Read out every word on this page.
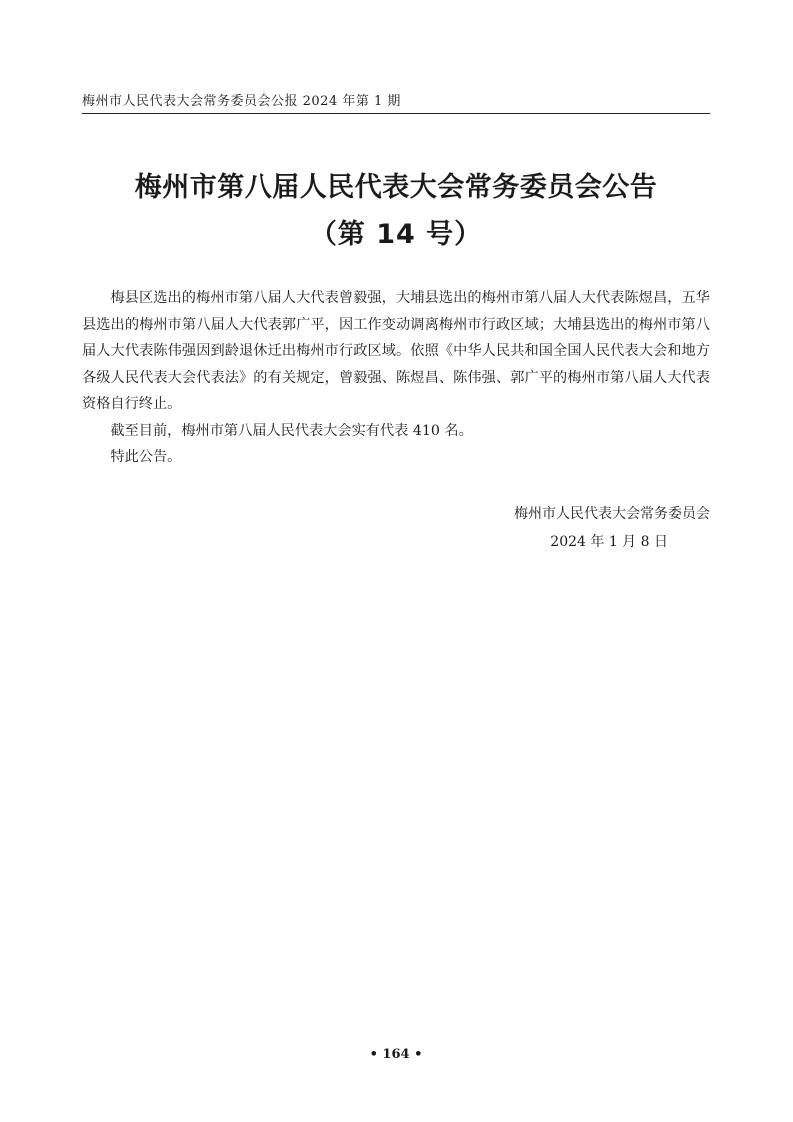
梅州市人民代表大会常务委员会公报 2024 年第 1 期
梅州市第八届人民代表大会常务委员会公告
（第 14 号）

梅县区选出的梅州市第八届人大代表曾毅强，大埔县选出的梅州市第八届人大代表陈煜昌，五华县选出的梅州市第八届人大代表郭广平，因工作变动调离梅州市行政区域；大埔县选出的梅州市第八届人大代表陈伟强因到龄退休迁出梅州市行政区域。依照《中华人民共和国全国人民代表大会和地方各级人民代表大会代表法》的有关规定，曾毅强、陈煜昌、陈伟强、郭广平的梅州市第八届人大代表资格自行终止。

截至目前，梅州市第八届人民代表大会实有代表 410 名。

特此公告。

梅州市人民代表大会常务委员会
2024 年 1 月 8 日
• 164 •
